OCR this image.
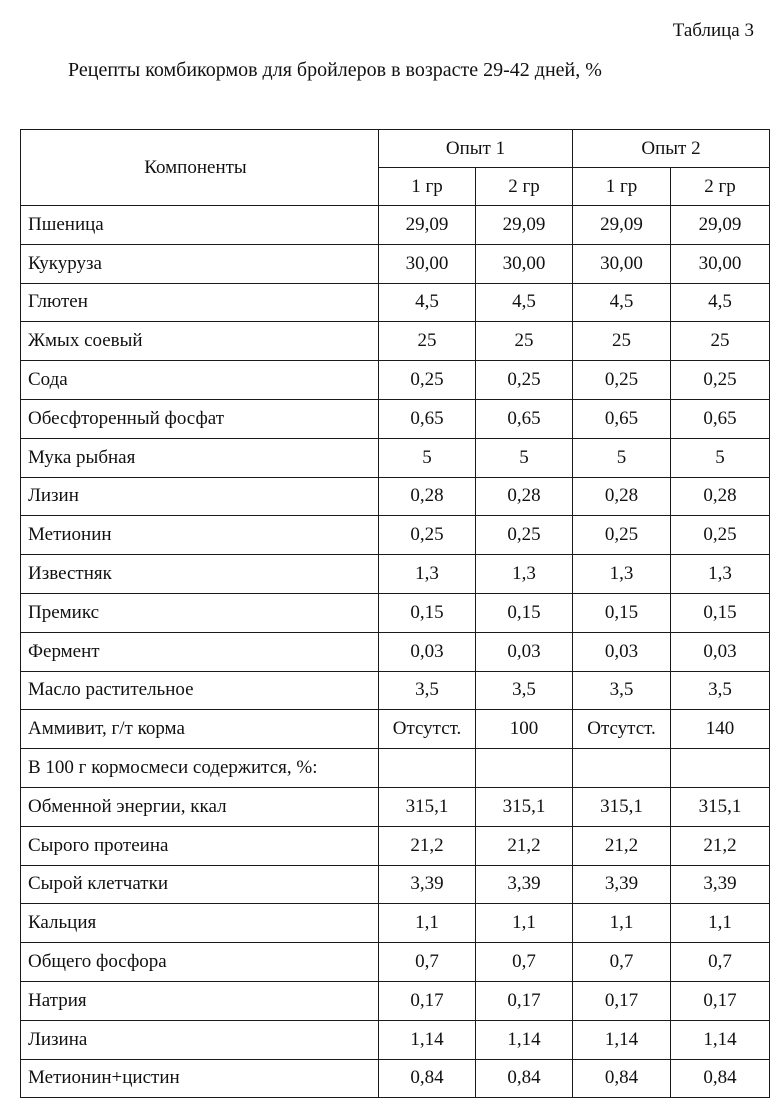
Таблица 3
Рецепты комбикормов для бройлеров в возрасте 29-42 дней, %
Компоненты	Опыт 1		Опыт 2	
	1 гр	2 гр	1 гр	2 гр
Пшеница	29,09	29,09	29,09	29,09
Кукуруза	30,00	30,00	30,00	30,00
Глютен	4,5	4,5	4,5	4,5
Жмых соевый	25	25	25	25
Сода	0,25	0,25	0,25	0,25
Обесфторенный фосфат	0,65	0,65	0,65	0,65
Мука рыбная	5	5	5	5
Лизин	0,28	0,28	0,28	0,28
Метионин	0,25	0,25	0,25	0,25
Известняк	1,3	1,3	1,3	1,3
Премикс	0,15	0,15	0,15	0,15
Фермент	0,03	0,03	0,03	0,03
Масло растительное	3,5	3,5	3,5	3,5
Аммивит, г/т корма	Отсутст.	100	Отсутст.	140
В 100 г кормосмеси содержится, %:				
Обменной энергии, ккал	315,1	315,1	315,1	315,1
Сырого протеина	21,2	21,2	21,2	21,2
Сырой клетчатки	3,39	3,39	3,39	3,39
Кальция	1,1	1,1	1,1	1,1
Общего фосфора	0,7	0,7	0,7	0,7
Натрия	0,17	0,17	0,17	0,17
Лизина	1,14	1,14	1,14	1,14
Метионин+цистин	0,84	0,84	0,84	0,84
